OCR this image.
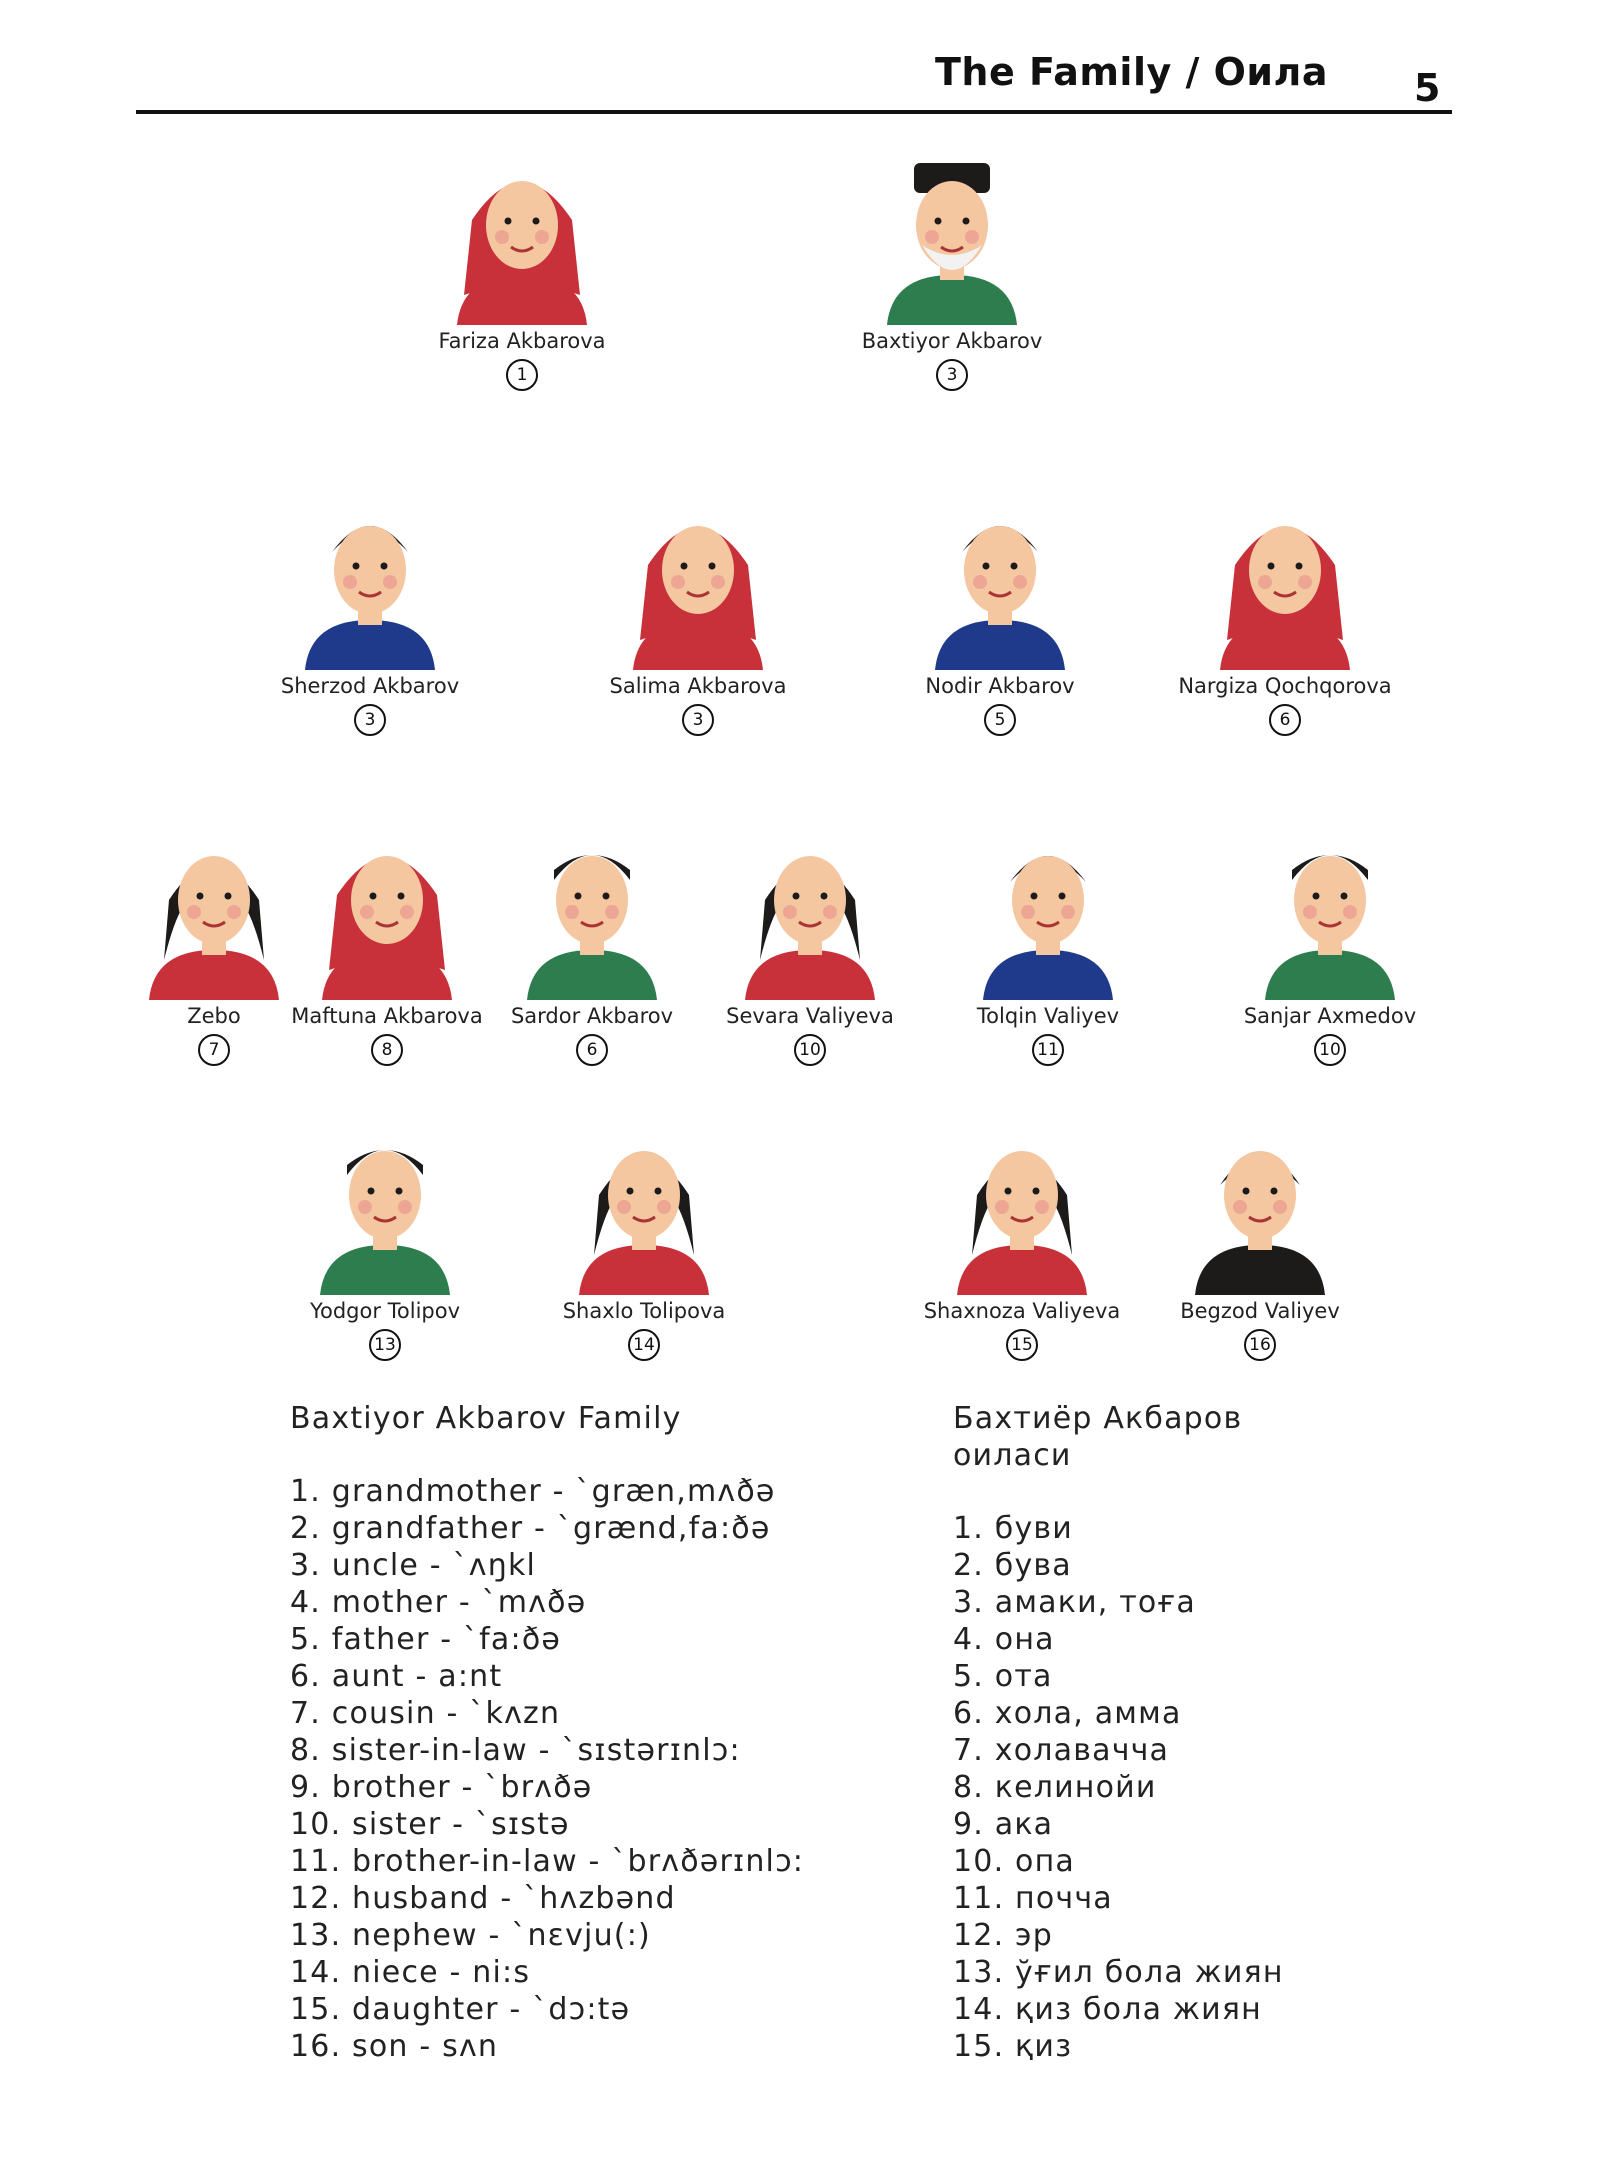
The Family / Оила 5
Fariza Akbarova
1
Baxtiyor Akbarov
3
Sherzod Akbarov
3
Salima Akbarova
3
Nodir Akbarov
5
Nargiza Qochqorova
6
Zebo
7
Maftuna Akbarova
8
Sardor Akbarov
6
Sevara Valiyeva
10
Tolqin Valiyev
11
Sanjar Axmedov
10
Yodgor Tolipov
13
Shaxlo Tolipova
14
Shaxnoza Valiyeva
15
Begzod Valiyev
16
Baxtiyor Akbarov Family
1. grandmother - `græn,mʌðə
2. grandfather - `grænd,fa:ðə
3. uncle - `ʌŋkl
4. mother - `mʌðə
5. father - `fa:ðə
6. aunt - a:nt
7. cousin - `kʌzn
8. sister-in-law - `sɪstərɪnlɔ:
9. brother - `brʌðə
10. sister - `sɪstə
11. brother-in-law - `brʌðərɪnlɔ:
12. husband - `hʌzbənd
13. nephew - `nɛvju(:)
14. niece - ni:s
15. daughter - `dɔ:tə
16. son - sʌn
Бахтиёр Акбаров
оиласи
1. буви
2. бува
3. амаки, тоға
4. она
5. ота
6. хола, амма
7. холавачча
8. келинойи
9. ака
10. опа
11. почча
12. эр
13. ўғил бола жиян
14. қиз бола жиян
15. қиз
